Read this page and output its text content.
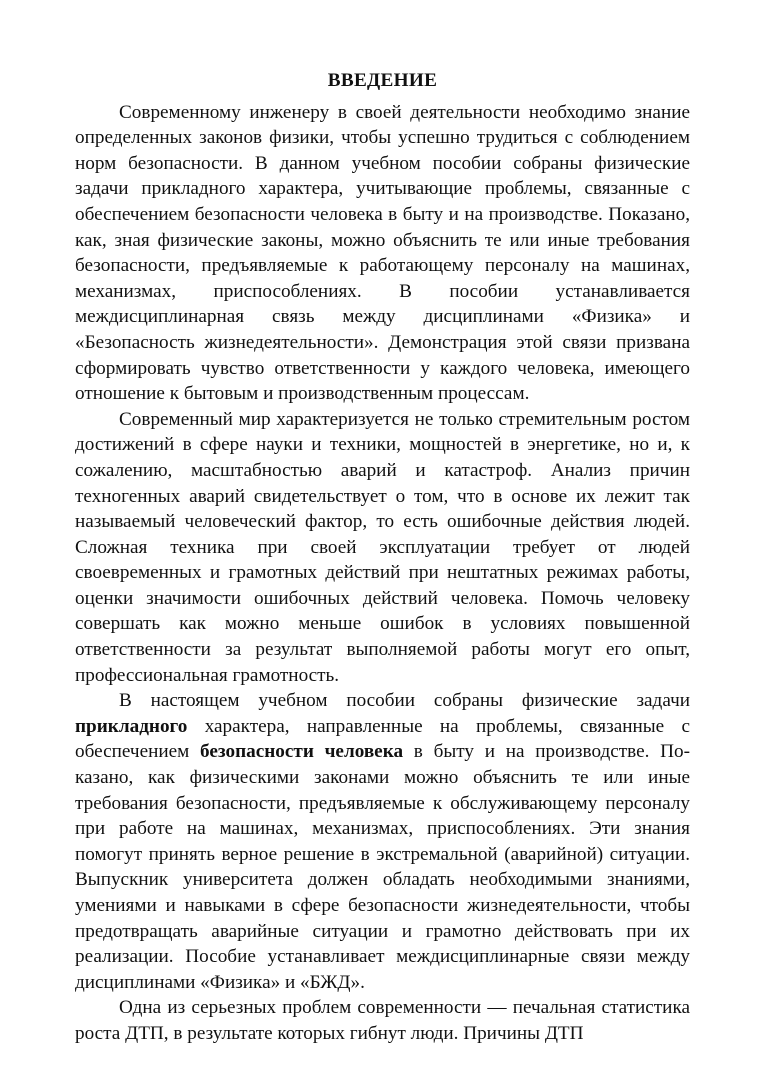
ВВЕДЕНИЕ

Современному инженеру в своей деятельности необходимо знание определенных законов физики, чтобы успешно трудиться с соблюдением норм безопасности. В данном учебном пособии собраны физические задачи прикладного характера, учитывающие проблемы, связанные с обеспечением безопасности человека в быту и на производстве. Показано, как, зная физические законы, можно объяснить те или иные требования безопасности, предъявляемые к работающему персоналу на машинах, механизмах, приспособлениях. В пособии устанавливается междисциплинарная связь между дисциплинами «Физика» и «Безопасность жизнедеятельности». Демонстрация этой связи призвана сформировать чувство ответственности у каждого человека, имеющего отношение к бытовым и производственным процессам.

Современный мир характеризуется не только стремительным ростом достижений в сфере науки и техники, мощностей в энергетике, но и, к сожалению, масштабностью аварий и катастроф. Анализ причин техногенных аварий свидетельствует о том, что в основе их лежит так называемый человеческий фактор, то есть ошибочные действия людей. Сложная техника при своей эксплуатации требует от людей своевременных и грамотных действий при нештатных режимах работы, оценки значимости ошибочных действий человека. Помочь человеку совершать как можно меньше ошибок в условиях повышенной ответственности за результат выполняемой работы могут его опыт, профессиональная грамотность.

В настоящем учебном пособии собраны физические задачи прикладного характера, направленные на проблемы, связанные с обеспечением безопасности человека в быту и на производстве. Показано, как физическими законами можно объяснить те или иные требования безопасности, предъявляемые к обслуживающему персоналу при работе на машинах, механизмах, приспособлениях. Эти знания помогут принять верное решение в экстремальной (аварийной) ситуации. Выпускник университета должен обладать необходимыми знаниями, умениями и навыками в сфере безопасности жизнедеятельности, чтобы предотвращать аварийные ситуации и грамотно действовать при их реализации. Пособие устанавливает междисциплинарные связи между дисциплинами «Физика» и «БЖД».

Одна из серьезных проблем современности — печальная статистика роста ДТП, в результате которых гибнут люди. Причины ДТП
